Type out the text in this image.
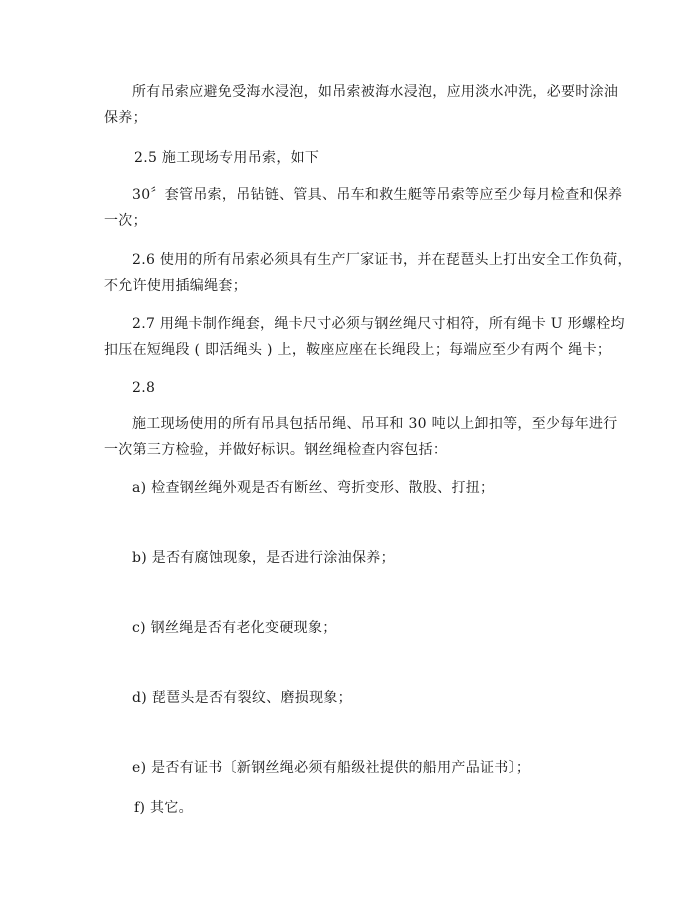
所有吊索应避免受海水浸泡，如吊索被海水浸泡，应用淡水冲洗，必要时涂油
保养；
2.5 施工现场专用吊索，如下
30〞套管吊索，吊钻链、管具、吊车和救生艇等吊索等应至少每月检查和保养
一次；
2.6 使用的所有吊索必须具有生产厂家证书，并在琵琶头上打出安全工作负荷，
不允许使用插编绳套；
2.7 用绳卡制作绳套，绳卡尺寸必须与钢丝绳尺寸相符，所有绳卡 U 形螺栓均
扣压在短绳段 ( 即活绳头 ) 上，鞍座应座在长绳段上；每端应至少有两个 绳卡；
2.8
施工现场使用的所有吊具包括吊绳、吊耳和 30 吨以上卸扣等，至少每年进行
一次第三方检验，并做好标识。钢丝绳检查内容包括：
a) 检查钢丝绳外观是否有断丝、弯折变形、散股、打扭；
b) 是否有腐蚀现象，是否进行涂油保养；
c) 钢丝绳是否有老化变硬现象；
d) 琵琶头是否有裂纹、磨损现象；
e) 是否有证书〔新钢丝绳必须有船级社提供的船用产品证书〕；
f) 其它。
